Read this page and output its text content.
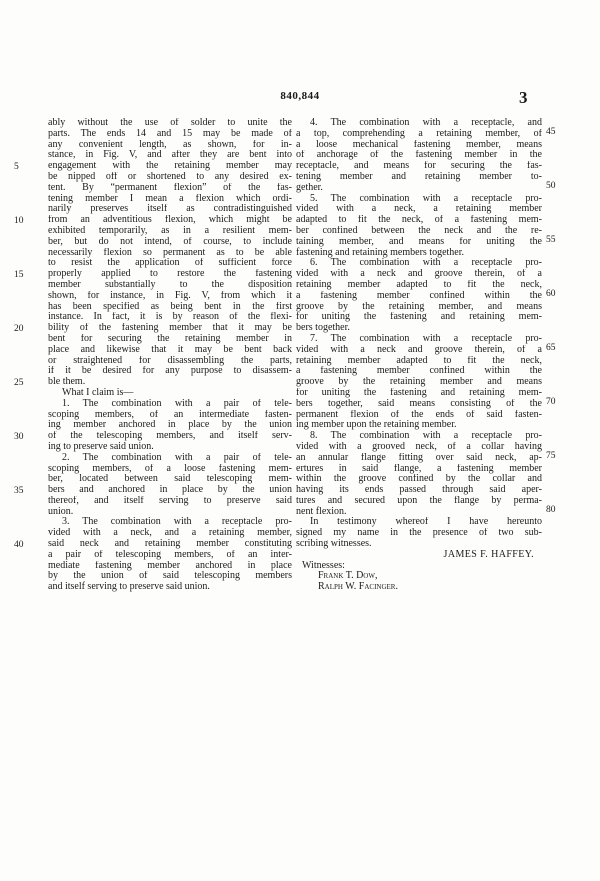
840,844	3
ably without the use of solder to unite the
parts. The ends 14 and 15 may be made of
any convenient length, as shown, for in-
stance, in Fig. V, and after they are bent into
engagement with the retaining member may
be nipped off or shortened to any desired ex-
tent. By “permanent flexion” of the fas-
tening member I mean a flexion which ordi-
narily preserves itself as contradistinguished
from an adventitious flexion, which might be
exhibited temporarily, as in a resilient mem-
ber, but do not intend, of course, to include
necessarily flexion so permanent as to be able
to resist the application of sufficient force
properly applied to restore the fastening
member substantially to the disposition
shown, for instance, in Fig. V, from which it
has been specified as being bent in the first
instance. In fact, it is by reason of the flexi-
bility of the fastening member that it may be
bent for securing the retaining member in
place and likewise that it may be bent back
or straightened for disassembling the parts,
if it be desired for any purpose to disassem-
ble them.
What I claim is—
1. The combination with a pair of tele-
scoping members, of an intermediate fasten-
ing member anchored in place by the union
of the telescoping members, and itself serv-
ing to preserve said union.
2. The combination with a pair of tele-
scoping members, of a loose fastening mem-
ber, located between said telescoping mem-
bers and anchored in place by the union
thereof, and itself serving to preserve said
union.
3. The combination with a receptacle pro-
vided with a neck, and a retaining member,
said neck and retaining member constituting
a pair of telescoping members, of an inter-
mediate fastening member anchored in place
by the union of said telescoping members
and itself serving to preserve said union.
4. The combination with a receptacle, and
a top, comprehending a retaining member, of
a loose mechanical fastening member, means
of anchorage of the fastening member in the
receptacle, and means for securing the fas-
tening member and retaining member to-
gether.
5. The combination with a receptacle pro-
vided with a neck, a retaining member
adapted to fit the neck, of a fastening mem-
ber confined between the neck and the re-
taining member, and means for uniting the
fastening and retaining members together.
6. The combination with a receptacle pro-
vided with a neck and groove therein, of a
retaining member adapted to fit the neck,
a fastening member confined within the
groove by the retaining member, and means
for uniting the fastening and retaining mem-
bers together.
7. The combination with a receptacle pro-
vided with a neck and groove therein, of a
retaining member adapted to fit the neck,
a fastening member confined within the
groove by the retaining member and means
for uniting the fastening and retaining mem-
bers together, said means consisting of the
permanent flexion of the ends of said fasten-
ing member upon the retaining member.
8. The combination with a receptacle pro-
vided with a grooved neck, of a collar having
an annular flange fitting over said neck, ap-
ertures in said flange, a fastening member
within the groove confined by the collar and
having its ends passed through said aper-
tures and secured upon the flange by perma-
nent flexion.
In testimony whereof I have hereunto
signed my name in the presence of two sub-
scribing witnesses.
JAMES F. HAFFEY.
Witnesses:
Frank T. Dow,
Ralph W. Facinger.
5
10
15
20
25
30
35
40
45
50
55
60
65
70
75
80
